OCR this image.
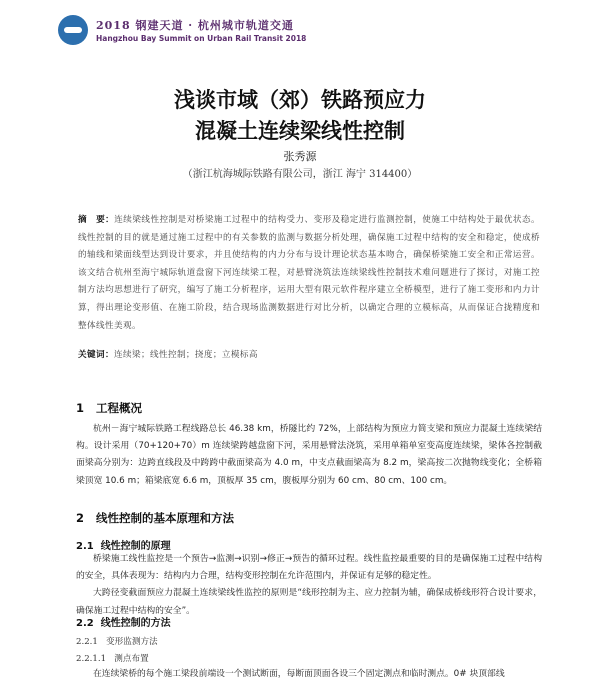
2018 钢建天道 · 杭州城市轨道交通
Hangzhou Bay Summit on Urban Rail Transit 2018
浅谈市域（郊）铁路预应力
混凝土连续梁线性控制
张秀源
（浙江杭海城际铁路有限公司，浙江 海宁 314400）
摘　要：连续梁线性控制是对桥梁施工过程中的结构受力、变形及稳定进行监测控制，使施工中结构处于最优状态。线性控制的目的就是通过施工过程中的有关参数的监测与数据分析处理，确保施工过程中结构的安全和稳定，使成桥的轴线和梁面线型达到设计要求，并且使结构的内力分布与设计理论状态基本吻合，确保桥梁施工安全和正常运营。该文结合杭州至海宁城际轨道盘窗下河连续梁工程，对悬臂浇筑法连续梁线性控制技术难问题进行了探讨，对施工控制方法均思想进行了研究，编写了施工分析程序，运用大型有限元软件程序建立全桥模型，进行了施工变形和内力计算，得出理论变形值、在施工阶段，结合现场监测数据进行对比分析，以确定合理的立模标高，从而保证合拢精度和整体线性美观。
关键词：连续梁；线性控制；挠度；立模标高
1 工程概况
杭州－海宁城际铁路工程线路总长 46.38 km，桥隧比约 72%，上部结构为预应力简支梁和预应力混凝土连续梁结构。设计采用（70+120+70）m 连续梁跨越盘窗下河，采用悬臂法浇筑，采用单箱单室变高度连续梁，梁体各控制截面梁高分别为：边跨直线段及中跨跨中截面梁高为 4.0 m，中支点截面梁高为 8.2 m，梁高按二次抛物线变化；全桥箱梁顶宽 10.6 m；箱梁底宽 6.6 m，顶板厚 35 cm，腹板厚分别为 60 cm、80 cm、100 cm。
2 线性控制的基本原理和方法
2.1 线性控制的原理
桥梁施工线性监控是一个预告→监测→识别→修正→预告的循环过程。线性监控最重要的目的是确保施工过程中结构的安全，具体表现为：结构内力合理，结构变形控制在允许范围内，并保证有足够的稳定性。
大跨径变截面预应力混凝土连续梁线性监控的原则是“线形控制为主、应力控制为辅，确保成桥线形符合设计要求，确保施工过程中结构的安全”。
2.2 线性控制的方法
2.2.1 变形监测方法
2.2.1.1 测点布置
在连续梁桥的每个施工梁段前端设一个测试断面，每断面顶面各设三个固定测点和临时测点。0# 块顶部线
